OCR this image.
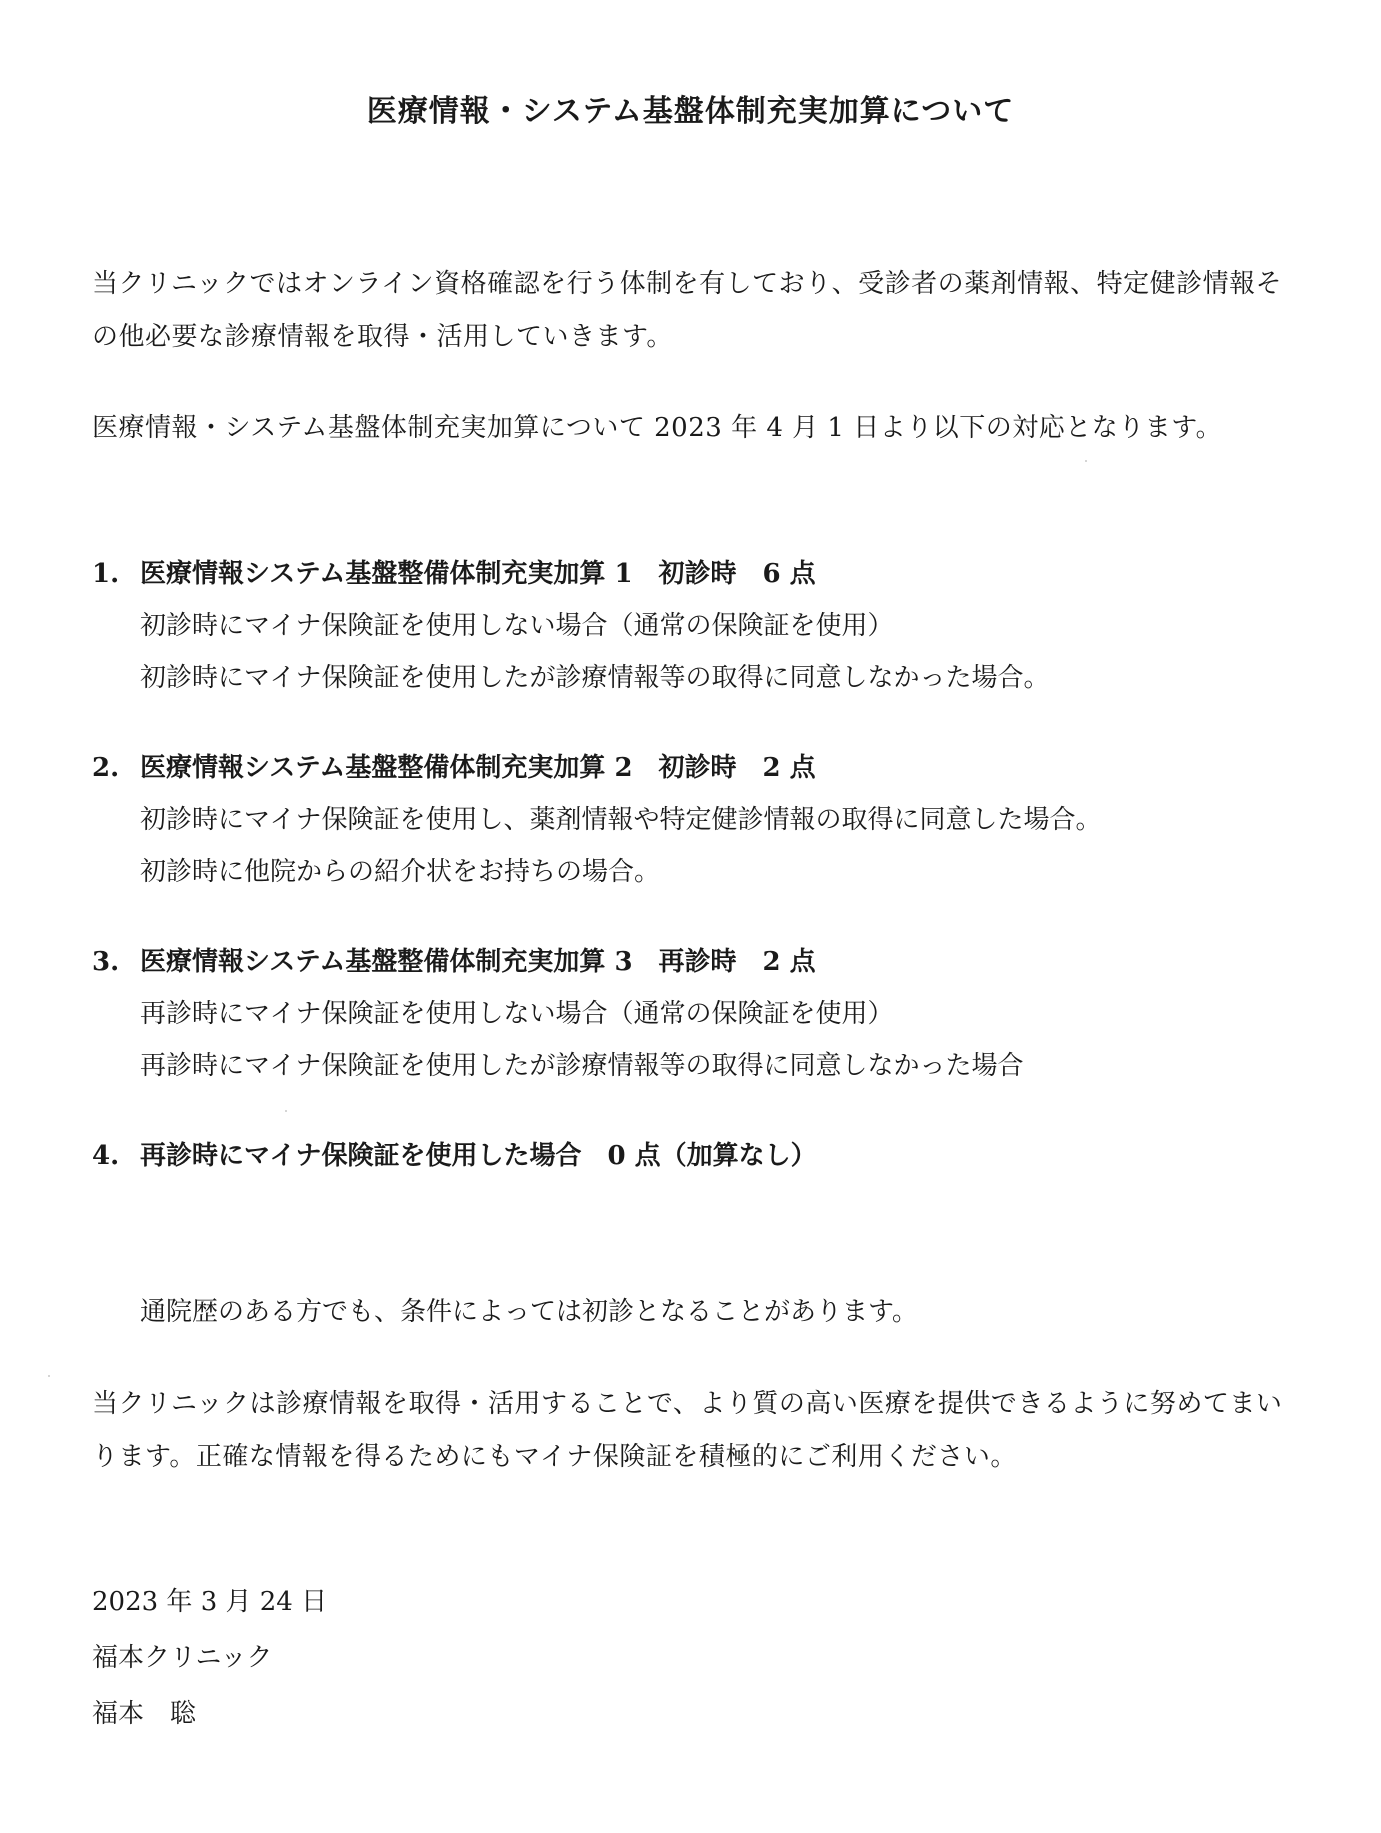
医療情報・システム基盤体制充実加算について
当クリニックではオンライン資格確認を行う体制を有しており、受診者の薬剤情報、特定健診情報その他必要な診療情報を取得・活用していきます。
医療情報・システム基盤体制充実加算について 2023 年 4 月 1 日より以下の対応となります。
1. 医療情報システム基盤整備体制充実加算 1　初診時　6 点
初診時にマイナ保険証を使用しない場合（通常の保険証を使用）
初診時にマイナ保険証を使用したが診療情報等の取得に同意しなかった場合。
2. 医療情報システム基盤整備体制充実加算 2　初診時　2 点
初診時にマイナ保険証を使用し、薬剤情報や特定健診情報の取得に同意した場合。
初診時に他院からの紹介状をお持ちの場合。
3. 医療情報システム基盤整備体制充実加算 3　再診時　2 点
再診時にマイナ保険証を使用しない場合（通常の保険証を使用）
再診時にマイナ保険証を使用したが診療情報等の取得に同意しなかった場合
4. 再診時にマイナ保険証を使用した場合　0 点（加算なし）
通院歴のある方でも、条件によっては初診となることがあります。
当クリニックは診療情報を取得・活用することで、より質の高い医療を提供できるように努めてまいります。正確な情報を得るためにもマイナ保険証を積極的にご利用ください。
2023 年 3 月 24 日
福本クリニック
福本　聡
